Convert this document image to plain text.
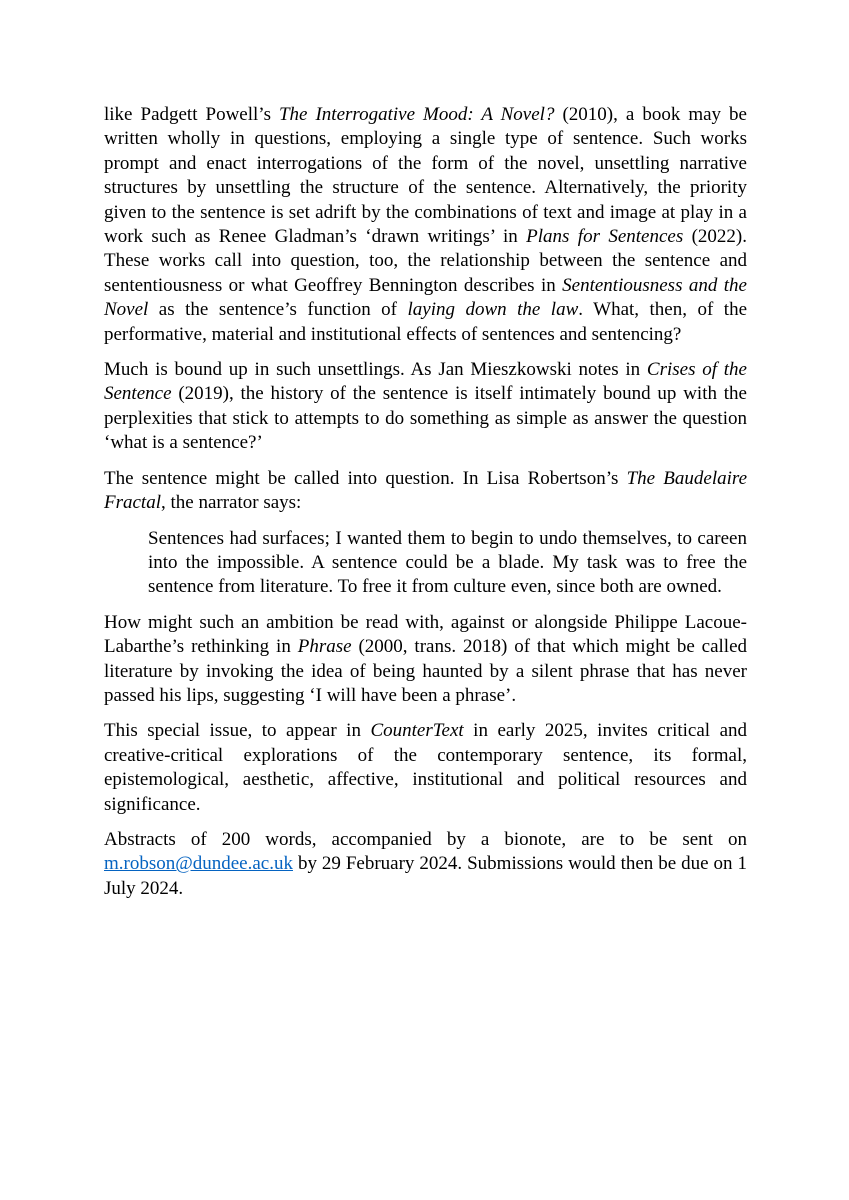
like Padgett Powell’s The Interrogative Mood: A Novel? (2010), a book may be written wholly in questions, employing a single type of sentence. Such works prompt and enact interrogations of the form of the novel, unsettling narrative structures by unsettling the structure of the sentence. Alternatively, the priority given to the sentence is set adrift by the combinations of text and image at play in a work such as Renee Gladman’s ‘drawn writings’ in Plans for Sentences (2022). These works call into question, too, the relationship between the sentence and sententiousness or what Geoffrey Bennington describes in Sententiousness and the Novel as the sentence’s function of laying down the law. What, then, of the performative, material and institutional effects of sentences and sentencing?

Much is bound up in such unsettlings. As Jan Mieszkowski notes in Crises of the Sentence (2019), the history of the sentence is itself intimately bound up with the perplexities that stick to attempts to do something as simple as answer the question ‘what is a sentence?’

The sentence might be called into question. In Lisa Robertson’s The Baudelaire Fractal, the narrator says:

Sentences had surfaces; I wanted them to begin to undo themselves, to careen into the impossible. A sentence could be a blade. My task was to free the sentence from literature. To free it from culture even, since both are owned.

How might such an ambition be read with, against or alongside Philippe Lacoue-Labarthe’s rethinking in Phrase (2000, trans. 2018) of that which might be called literature by invoking the idea of being haunted by a silent phrase that has never passed his lips, suggesting ‘I will have been a phrase’.

This special issue, to appear in CounterText in early 2025, invites critical and creative-critical explorations of the contemporary sentence, its formal, epistemological, aesthetic, affective, institutional and political resources and significance.

Abstracts of 200 words, accompanied by a bionote, are to be sent on m.robson@dundee.ac.uk by 29 February 2024. Submissions would then be due on 1 July 2024.
